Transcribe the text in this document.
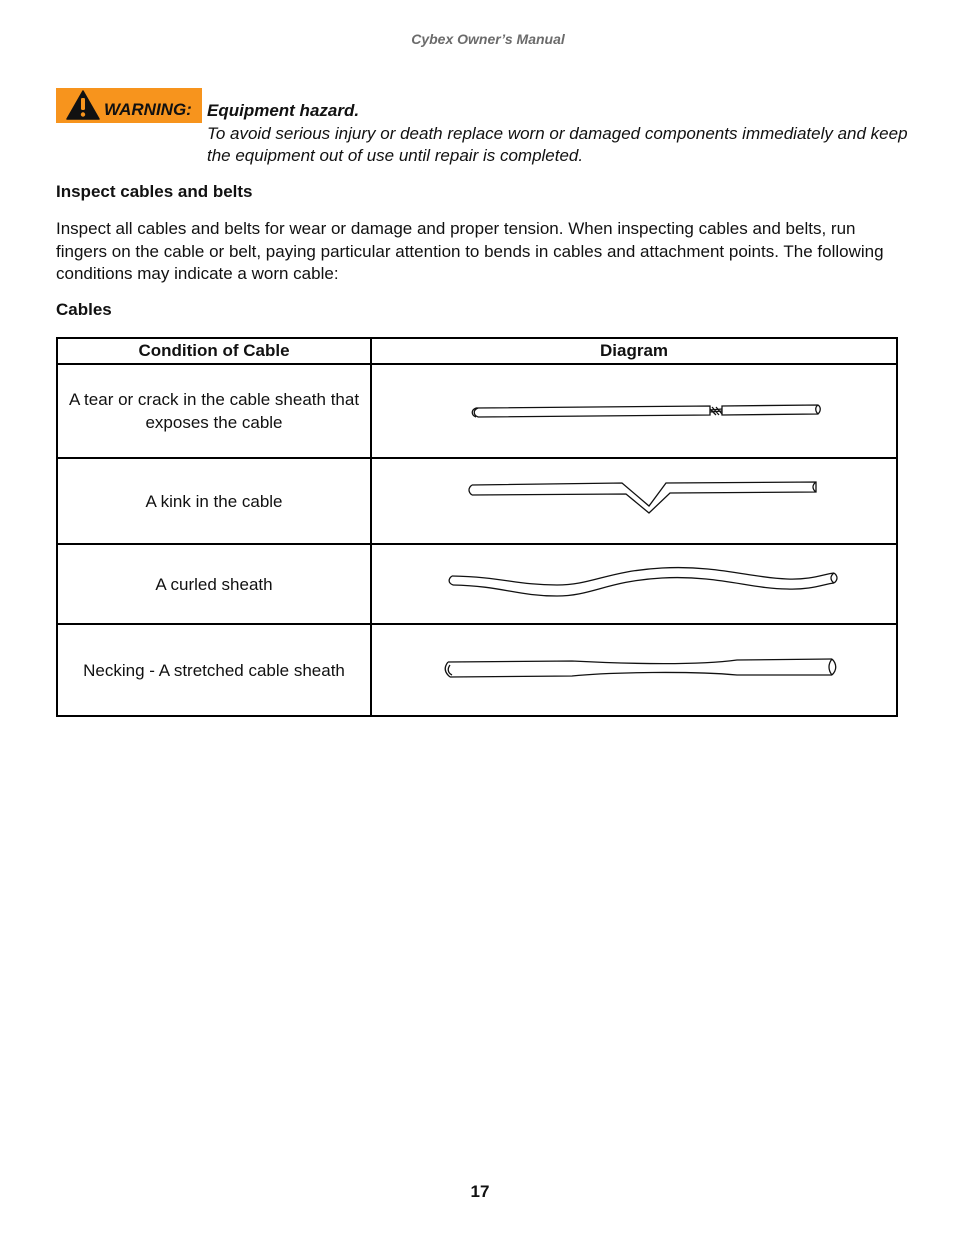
Cybex Owner’s Manual
WARNING: Equipment hazard.
To avoid serious injury or death replace worn or damaged components immediately and keep the equipment out of use until repair is completed.
Inspect cables and belts
Inspect all cables and belts for wear or damage and proper tension. When inspecting cables and belts, run fingers on the cable or belt, paying particular attention to bends in cables and attachment points. The following conditions may indicate a worn cable:
Cables
Condition of Cable	Diagram
A tear or crack in the cable sheath that exposes the cable	

A kink in the cable	

A curled sheath	

Necking - A stretched cable sheath	
17
